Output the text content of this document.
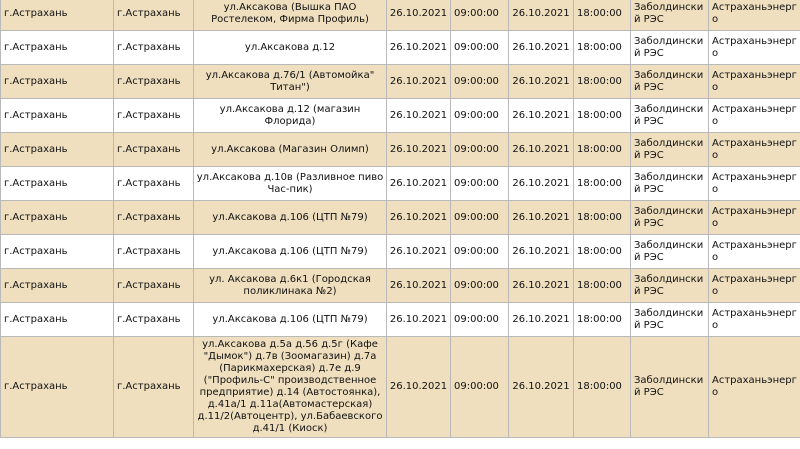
г.Астрахань	г.Астрахань	ул.Аксакова (Вышка ПАО Ростелеком, Фирма Профиль)	26.10.2021	09:00:00	26.10.2021	18:00:00	Заболдинский РЭС	Астраханьэнерго
г.Астрахань	г.Астрахань	ул.Аксакова д.12	26.10.2021	09:00:00	26.10.2021	18:00:00	Заболдинский РЭС	Астраханьэнерго
г.Астрахань	г.Астрахань	ул.Аксакова д.76/1 (Автомойка" Титан")	26.10.2021	09:00:00	26.10.2021	18:00:00	Заболдинский РЭС	Астраханьэнерго
г.Астрахань	г.Астрахань	ул.Аксакова д.12 (магазин Флорида)	26.10.2021	09:00:00	26.10.2021	18:00:00	Заболдинский РЭС	Астраханьэнерго
г.Астрахань	г.Астрахань	ул.Аксакова (Магазин Олимп)	26.10.2021	09:00:00	26.10.2021	18:00:00	Заболдинский РЭС	Астраханьэнерго
г.Астрахань	г.Астрахань	ул.Аксакова д.10в (Разливное пиво Час-пик)	26.10.2021	09:00:00	26.10.2021	18:00:00	Заболдинский РЭС	Астраханьэнерго
г.Астрахань	г.Астрахань	ул.Аксакова д.106 (ЦТП №79)	26.10.2021	09:00:00	26.10.2021	18:00:00	Заболдинский РЭС	Астраханьэнерго
г.Астрахань	г.Астрахань	ул.Аксакова д.106 (ЦТП №79)	26.10.2021	09:00:00	26.10.2021	18:00:00	Заболдинский РЭС	Астраханьэнерго
г.Астрахань	г.Астрахань	ул. Аксакова д.6к1 (Городская поликлинака №2)	26.10.2021	09:00:00	26.10.2021	18:00:00	Заболдинский РЭС	Астраханьэнерго
г.Астрахань	г.Астрахань	ул.Аксакова д.106 (ЦТП №79)	26.10.2021	09:00:00	26.10.2021	18:00:00	Заболдинский РЭС	Астраханьэнерго
г.Астрахань	г.Астрахань	ул.Аксакова д.5а д.56 д.5г (Кафе "Дымок") д.7в (Зоомагазин) д.7а (Парикмахерская) д.7е д.9 ("Профиль-С" производственное предприятие) д.14 (Автостоянка), д.41а/1 д.11а(Автомастерская) д.11/2(Автоцентр), ул.Бабаевского д.41/1 (Киоск)	26.10.2021	09:00:00	26.10.2021	18:00:00	Заболдинский РЭС	Астраханьэнерго
